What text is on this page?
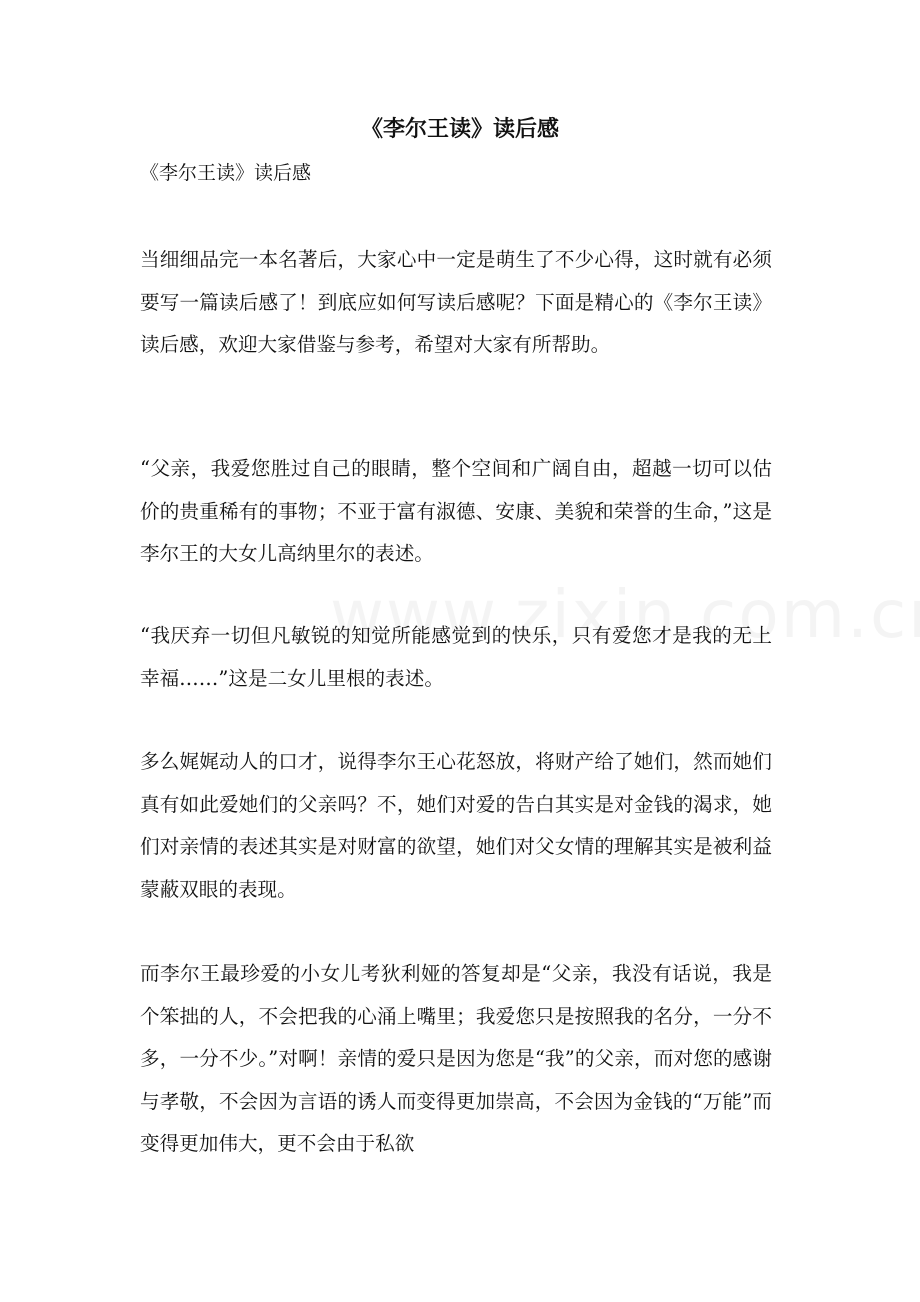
《李尔王读》读后感

《李尔王读》读后感

当细细品完一本名著后，大家心中一定是萌生了不少心得，这时就有必须要写一篇读后感了！到底应如何写读后感呢？下面是精心的《李尔王读》读后感，欢迎大家借鉴与参考，希望对大家有所帮助。

“父亲，我爱您胜过自己的眼睛，整个空间和广阔自由，超越一切可以估价的贵重稀有的事物；不亚于富有淑德、安康、美貌和荣誉的生命，”这是李尔王的大女儿高纳里尔的表述。

“我厌弃一切但凡敏锐的知觉所能感觉到的快乐，只有爱您才是我的无上幸福……”这是二女儿里根的表述。

多么娓娓动人的口才，说得李尔王心花怒放，将财产给了她们，然而她们真有如此爱她们的父亲吗？不，她们对爱的告白其实是对金钱的渴求，她们对亲情的表述其实是对财富的欲望，她们对父女情的理解其实是被利益蒙蔽双眼的表现。

而李尔王最珍爱的小女儿考狄利娅的答复却是“父亲，我没有话说，我是个笨拙的人，不会把我的心涌上嘴里；我爱您只是按照我的名分，一分不多，一分不少。”对啊！亲情的爱只是因为您是“我”的父亲，而对您的感谢与孝敬，不会因为言语的诱人而变得更加崇高，不会因为金钱的“万能”而变得更加伟大，更不会由于私欲
